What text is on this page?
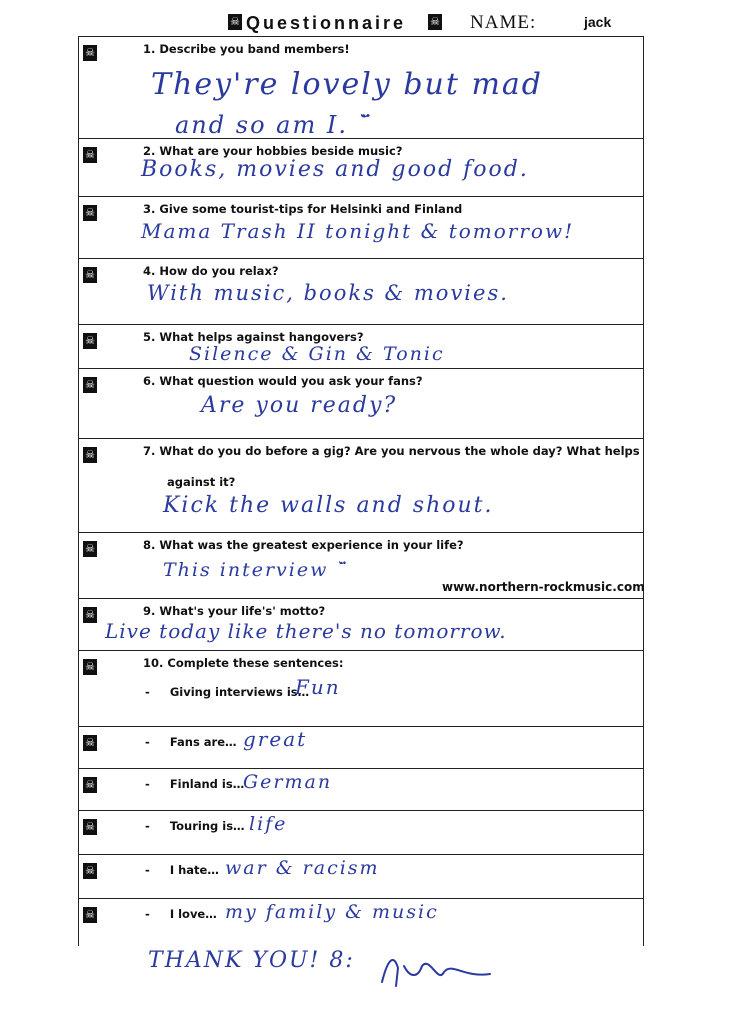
☠ Questionnaire ☠ NAME:	jack
☠	1. Describe you band members!
They're lovely but mad
and so am I. ¨̆
☠	2. What are your hobbies beside music?
Books, movies and good food.
☠	3. Give some tourist-tips for Helsinki and Finland
Mama Trash II tonight & tomorrow!
☠	4. How do you relax?
With music, books & movies.
☠	5. What helps against hangovers?
Silence & Gin & Tonic
☠	6. What question would you ask your fans?
Are you ready?
☠	7. What do you do before a gig? Are you nervous the whole day? What helps
against it?
Kick the walls and shout.
☠	8. What was the greatest experience in your life?
This interview ¨̆
☠	9. What's your life's' motto?
Live today like there's no tomorrow.
☠	10. Complete these sentences:
- Giving interviews is…
Fun
☠	- Fans are… great
☠	- Finland is…
German
☠	- Touring is… life
☠	- I hate… war & racism
☠	- I love… my family & music
www.northern-rockmusic.com
THANK YOU! 8:
